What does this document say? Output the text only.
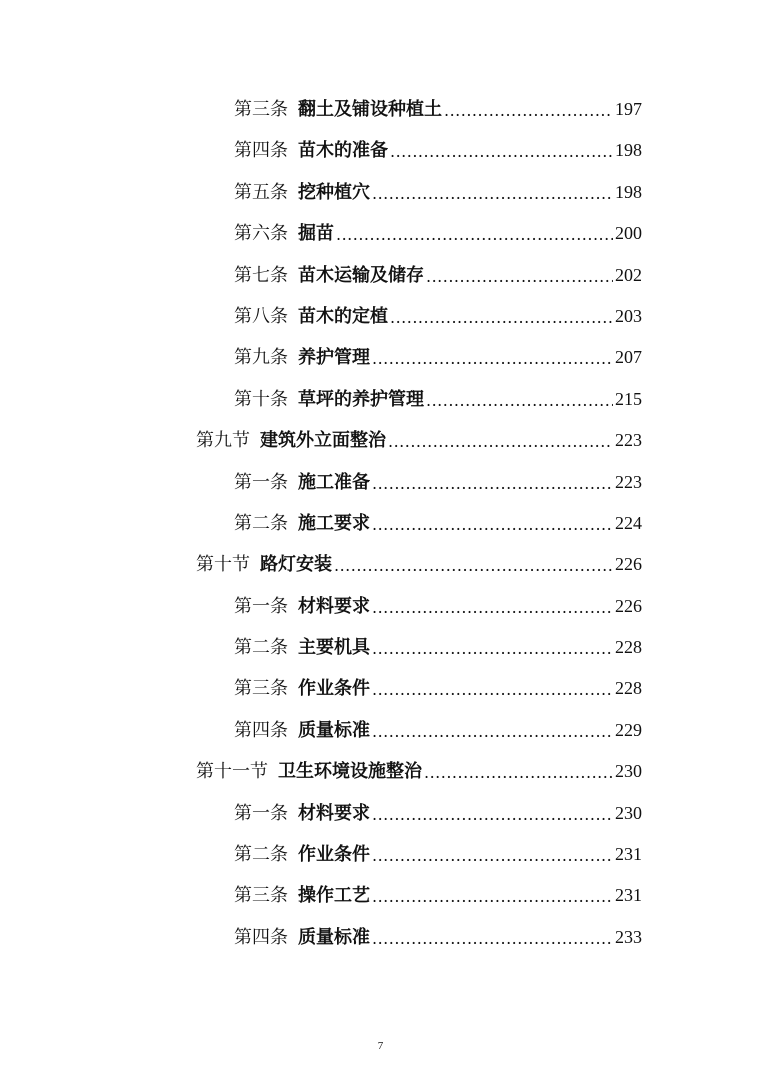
第三条 翻土及铺设种植土 .....	197
第四条 苗木的准备 .....	198
第五条 挖种植穴 .....	198
第六条 掘苗 .....	200
第七条 苗木运输及储存 .....	202
第八条 苗木的定植 .....	203
第九条 养护管理 .....	207
第十条 草坪的养护管理 .....	215
第九节 建筑外立面整治 .....	223
第一条 施工准备 .....	223
第二条 施工要求 .....	224
第十节 路灯安装 .....	226
第一条 材料要求 .....	226
第二条 主要机具 .....	228
第三条 作业条件 .....	228
第四条 质量标准 .....	229
第十一节 卫生环境设施整治 .....	230
第一条 材料要求 .....	230
第二条 作业条件 .....	231
第三条 操作工艺 .....	231
第四条 质量标准 .....	233
7
